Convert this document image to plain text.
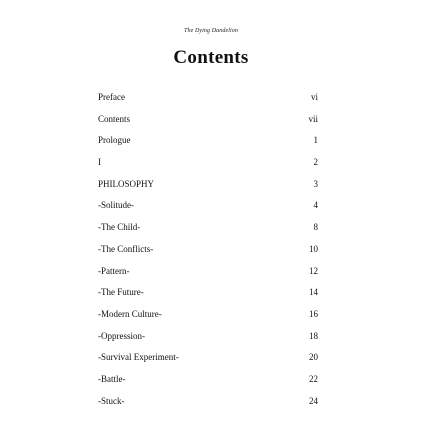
The Dying Dandelion
Contents
Preface	vi
Contents	vii
Prologue	1
I	2
PHILOSOPHY	3
-Solitude-	4
-The Child-	8
-The Conflicts-	10
-Pattern-	12
-The Future-	14
-Modern Culture-	16
-Oppression-	18
-Survival Experiment-	20
-Battle-	22
-Stuck-	24
